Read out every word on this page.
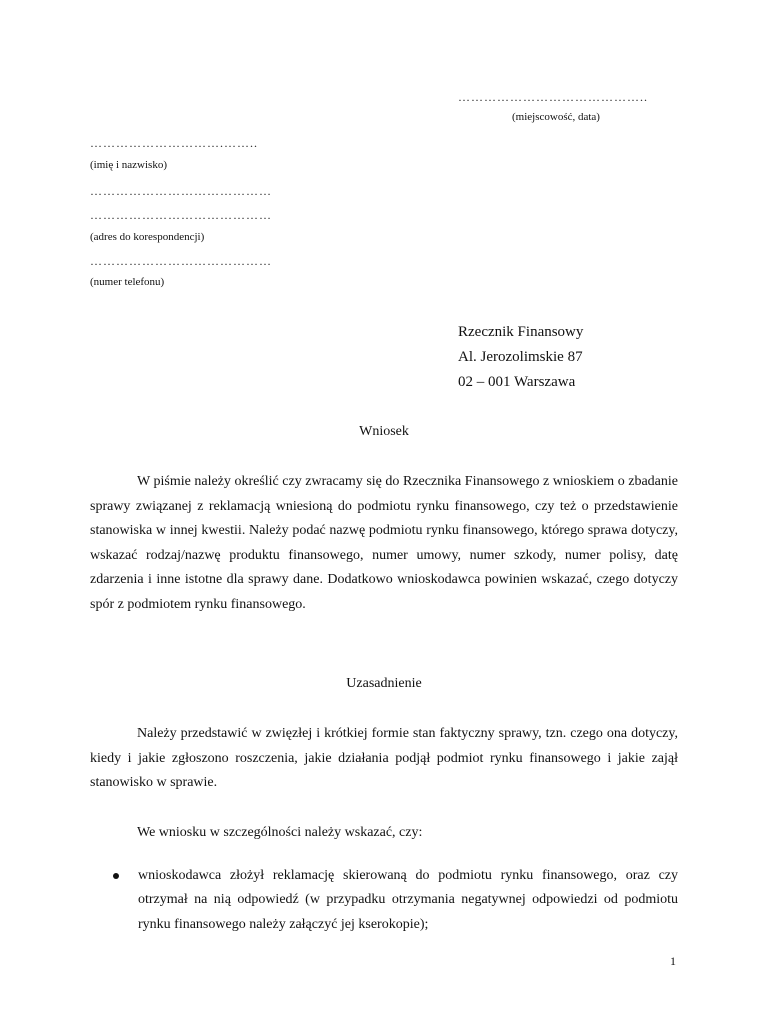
……………………………………..
(miejscowość, data)
………………………….……..
(imię i nazwisko)
……………………………………
……………………………………
(adres do korespondencji)
……………………………………
(numer telefonu)
Rzecznik Finansowy
Al. Jerozolimskie 87
02 – 001 Warszawa
Wniosek
W piśmie należy określić czy zwracamy się do Rzecznika Finansowego z wnioskiem o zbadanie sprawy związanej z reklamacją wniesioną do podmiotu rynku finansowego, czy też o przedstawienie stanowiska w innej kwestii. Należy podać nazwę podmiotu rynku finansowego, którego sprawa dotyczy, wskazać rodzaj/nazwę produktu finansowego, numer umowy, numer szkody, numer polisy, datę zdarzenia i inne istotne dla sprawy dane. Dodatkowo wnioskodawca powinien wskazać, czego dotyczy spór z podmiotem rynku finansowego.
Uzasadnienie
Należy przedstawić w zwięzłej i krótkiej formie stan faktyczny sprawy, tzn. czego ona dotyczy, kiedy i jakie zgłoszono roszczenia, jakie działania podjął podmiot rynku finansowego i jakie zajął stanowisko w sprawie.
We wniosku w szczególności należy wskazać, czy:
wnioskodawca złożył reklamację skierowaną do podmiotu rynku finansowego, oraz czy otrzymał na nią odpowiedź (w przypadku otrzymania negatywnej odpowiedzi od podmiotu rynku finansowego należy załączyć jej kserokopie);
1
